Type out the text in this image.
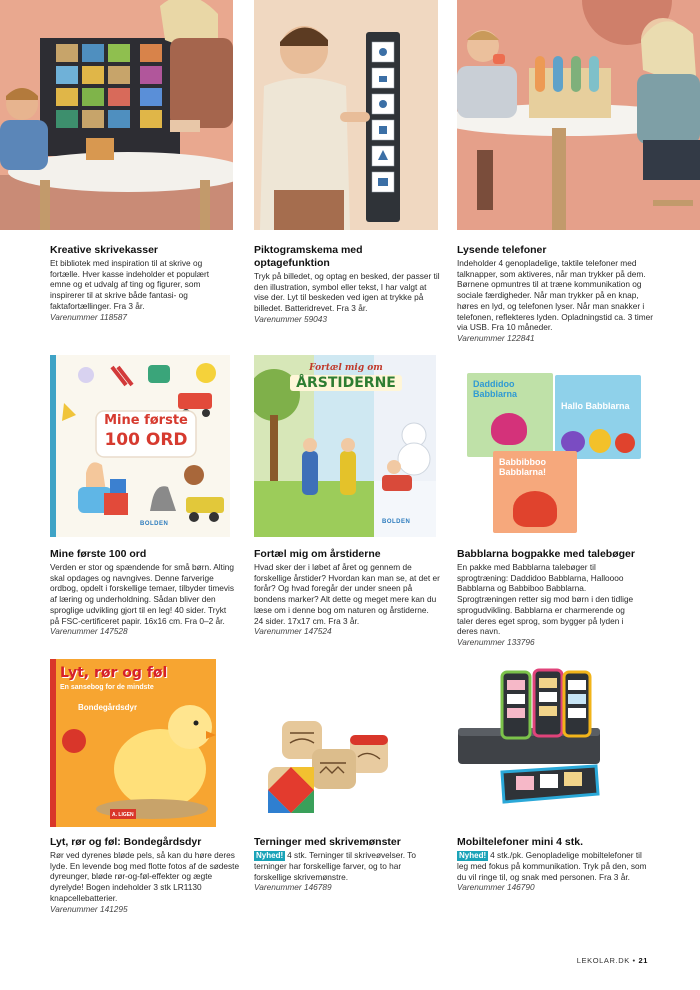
Kreative skrivekasser
Et bibliotek med inspiration til at skrive og fortælle. Hver kasse indeholder et populært emne og et udvalg af ting og figurer, som inspirerer til at skrive både fantasi- og faktafortællinger. Fra 3 år.
Varenummer 118587
Piktogramskema med optagefunktion
Tryk på billedet, og optag en besked, der passer til den illustration, symbol eller tekst, I har valgt at vise der. Lyt til beskeden ved igen at trykke på billedet. Batteridrevet. Fra 3 år.
Varenummer 59043
Lysende telefoner
Indeholder 4 genopladelige, taktile telefoner med talknapper, som aktiveres, når man trykker på dem. Børnene opmuntres til at træne kommunikation og sociale færdigheder. Når man trykker på en knap, høres en lyd, og telefonen lyser. Når man snakker i telefonen, reflekteres lyden. Opladningstid ca. 3 timer via USB. Fra 10 måneder.
Varenummer 122841
Mine første
100 ORD
BOLDEN
Mine første 100 ord
Verden er stor og spændende for små børn. Alting skal opdages og navngives. Denne farverige ordbog, opdelt i forskellige temaer, tilbyder timevis af læring og underholdning. Sådan bliver den sproglige udvikling gjort til en leg! 40 sider. Trykt på FSC-certificeret papir. 16x16 cm. Fra 0–2 år.
Varenummer 147528
Fortæl mig om
ÅRSTIDERNE
BOLDEN
Fortæl mig om årstiderne
Hvad sker der i løbet af året og gennem de forskellige årstider? Hvordan kan man se, at det er forår? Og hvad foregår der under sneen på bondens marker? Alt dette og meget mere kan du læse om i denne bog om naturen og årstiderne. 24 sider. 17x17 cm. Fra 3 år.
Varenummer 147524
Daddidoo Babblarna
Hallo Babblarna
Babbibboo Babblarna!
Babblarna bogpakke med talebøger
En pakke med Babblarna talebøger til sprogtræning: Daddidoo Babblarna, Halloooo Babblarna og Babbiboo Babblarna. Sprogtræningen retter sig mod børn i den tidlige sprogudvikling. Babblarna er charmerende og taler deres eget sprog, som bygger på lyden i deres navn.
Varenummer 133796
Lyt, rør og føl
En sansebog for de mindste
Bondegårdsdyr
A. LIGEN
Lyt, rør og føl: Bondegårdsdyr
Rør ved dyrenes bløde pels, så kan du høre deres lyde. En levende bog med flotte fotos af de sødeste dyreunger, bløde rør-og-føl-effekter og ægte dyrelyde! Bogen indeholder 3 stk LR1130 knapcellebatterier.
Varenummer 141295
Terninger med skrivemønster
Nyhed! 4 stk. Terninger til skriveøvelser. To terninger har forskellige farver, og to har forskellige skrivemønstre.
Varenummer 146789
Mobiltelefoner mini 4 stk.
Nyhed! 4 stk./pk. Genopladelige mobiltelefoner til leg med fokus på kommunikation. Tryk på den, som du vil ringe til, og snak med personen. Fra 3 år.
Varenummer 146790
LEKOLAR.DK • 21
